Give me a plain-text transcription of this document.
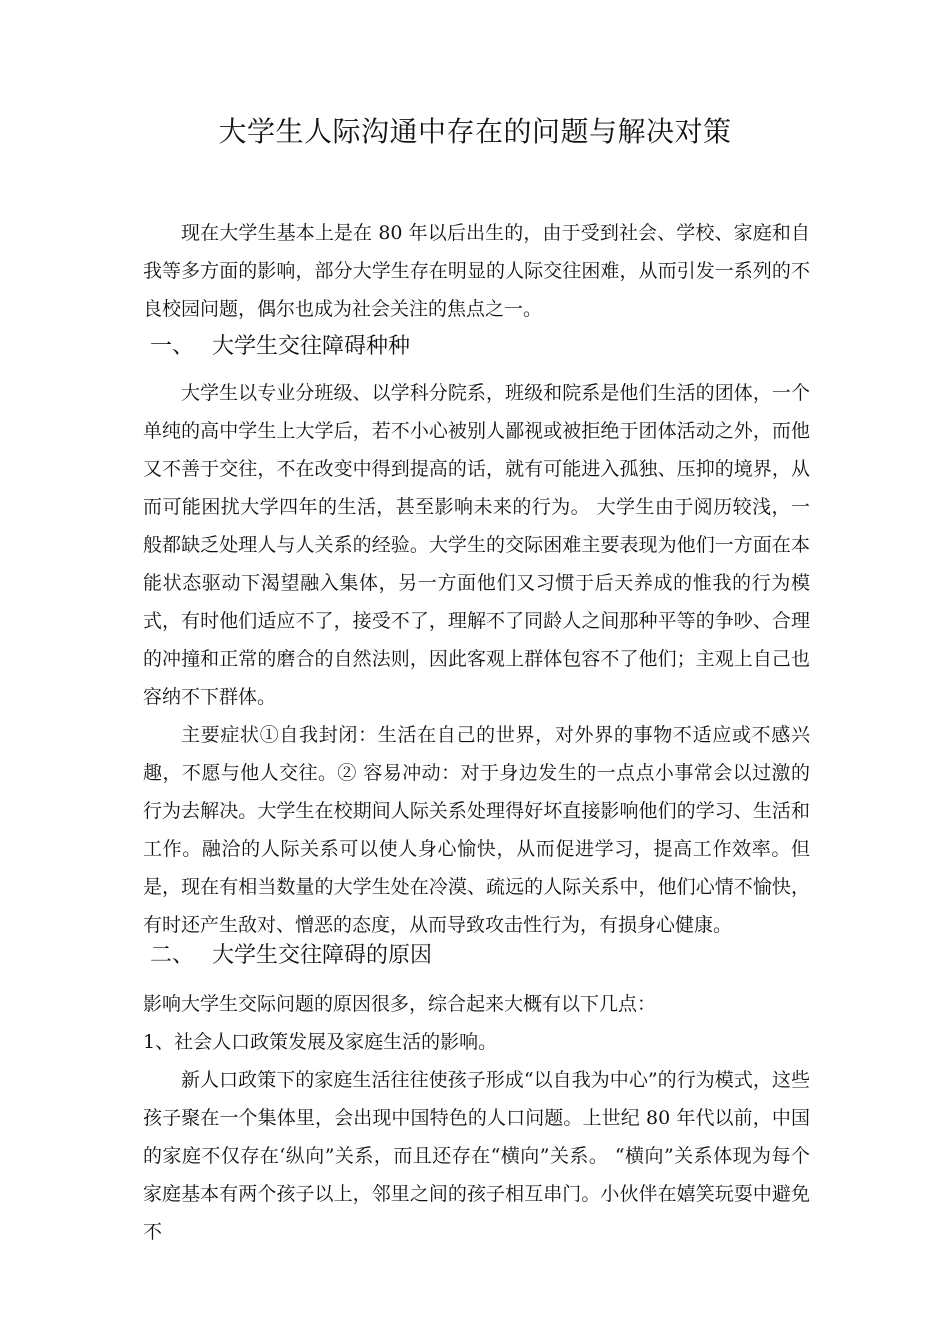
大学生人际沟通中存在的问题与解决对策
现在大学生基本上是在 80 年以后出生的，由于受到社会、学校、家庭和自我等多方面的影响，部分大学生存在明显的人际交往困难，从而引发一系列的不良校园问题，偶尔也成为社会关注的焦点之一。
一、 大学生交往障碍种种
大学生以专业分班级、以学科分院系，班级和院系是他们生活的团体，一个单纯的高中学生上大学后，若不小心被别人鄙视或被拒绝于团体活动之外，而他又不善于交往，不在改变中得到提高的话，就有可能进入孤独、压抑的境界，从而可能困扰大学四年的生活，甚至影响未来的行为。 大学生由于阅历较浅，一般都缺乏处理人与人关系的经验。大学生的交际困难主要表现为他们一方面在本能状态驱动下渴望融入集体，另一方面他们又习惯于后天养成的惟我的行为模式，有时他们适应不了，接受不了，理解不了同龄人之间那种平等的争吵、合理的冲撞和正常的磨合的自然法则，因此客观上群体包容不了他们；主观上自己也容纳不下群体。
主要症状①自我封闭：生活在自己的世界，对外界的事物不适应或不感兴趣，不愿与他人交往。② 容易冲动：对于身边发生的一点点小事常会以过激的行为去解决。大学生在校期间人际关系处理得好坏直接影响他们的学习、生活和工作。融洽的人际关系可以使人身心愉快，从而促进学习，提高工作效率。但是，现在有相当数量的大学生处在冷漠、疏远的人际关系中，他们心情不愉快，有时还产生敌对、憎恶的态度，从而导致攻击性行为，有损身心健康。
二、 大学生交往障碍的原因
影响大学生交际问题的原因很多，综合起来大概有以下几点：
1、社会人口政策发展及家庭生活的影响。
新人口政策下的家庭生活往往使孩子形成“以自我为中心”的行为模式，这些孩子聚在一个集体里，会出现中国特色的人口问题。上世纪 80 年代以前，中国的家庭不仅存在‘纵向”关系，而且还存在“横向”关系。 “横向”关系体现为每个家庭基本有两个孩子以上，邻里之间的孩子相互串门。小伙伴在嬉笑玩耍中避免不
